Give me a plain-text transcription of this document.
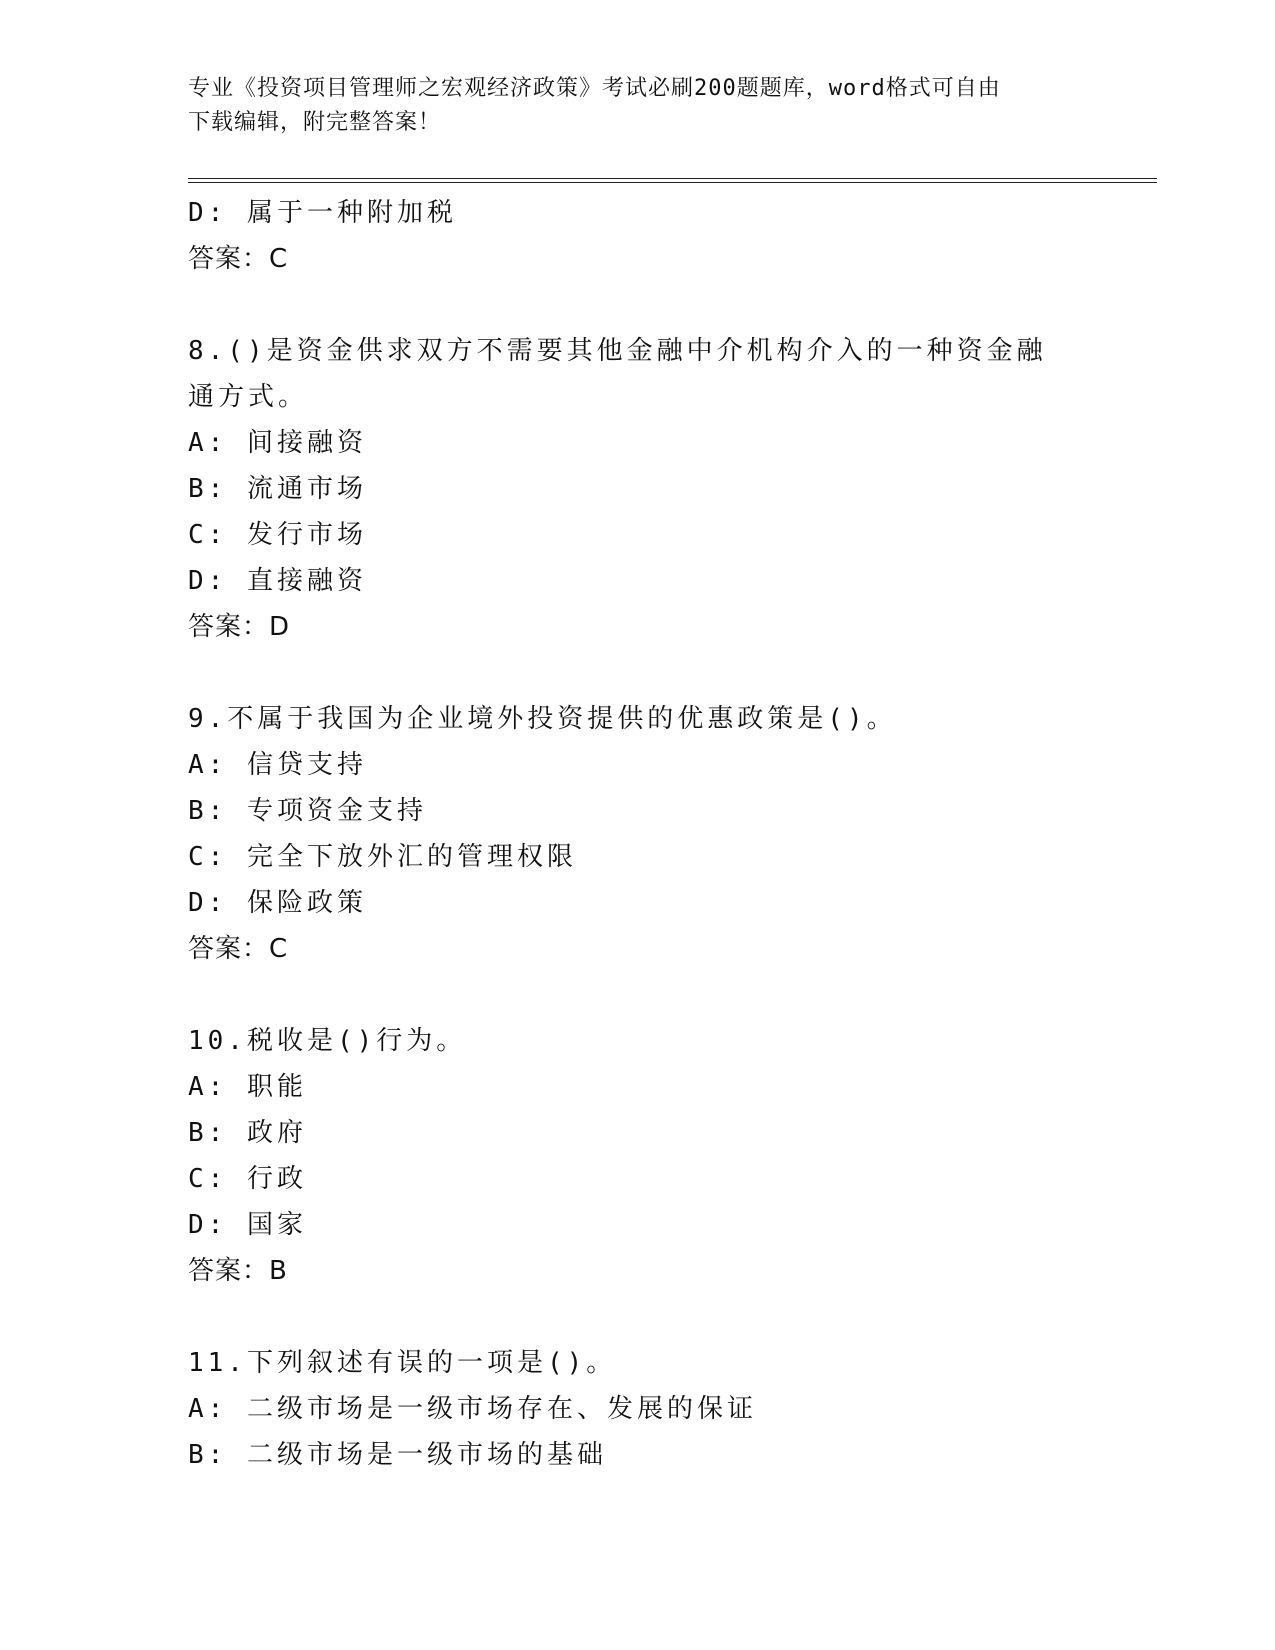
专业《投资项目管理师之宏观经济政策》考试必刷200题题库，word格式可自由
下载编辑，附完整答案！
D: 属于一种附加税
答案：C
8.()是资金供求双方不需要其他金融中介机构介入的一种资金融通方式。
A: 间接融资
B: 流通市场
C: 发行市场
D: 直接融资
答案：D
9.不属于我国为企业境外投资提供的优惠政策是()。
A: 信贷支持
B: 专项资金支持
C: 完全下放外汇的管理权限
D: 保险政策
答案：C
10.税收是()行为。
A: 职能
B: 政府
C: 行政
D: 国家
答案：B
11.下列叙述有误的一项是()。
A: 二级市场是一级市场存在、发展的保证
B: 二级市场是一级市场的基础
